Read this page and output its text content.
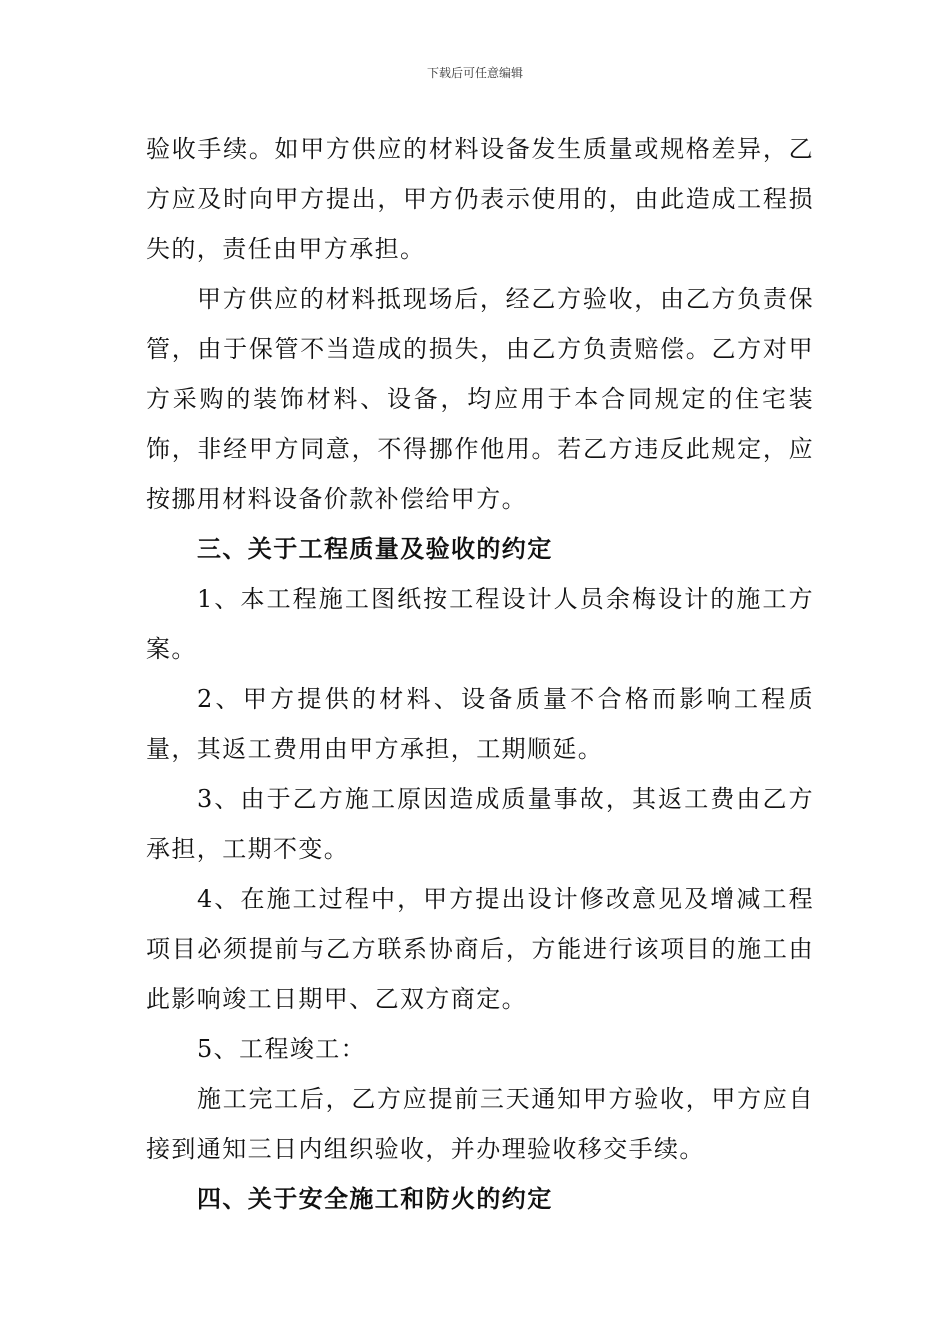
下载后可任意编辑

验收手续。如甲方供应的材料设备发生质量或规格差异，乙方应及时向甲方提出，甲方仍表示使用的，由此造成工程损失的，责任由甲方承担。

甲方供应的材料抵现场后，经乙方验收，由乙方负责保管，由于保管不当造成的损失，由乙方负责赔偿。乙方对甲方采购的装饰材料、设备，均应用于本合同规定的住宅装饰，非经甲方同意，不得挪作他用。若乙方违反此规定，应按挪用材料设备价款补偿给甲方。

三、关于工程质量及验收的约定

1、本工程施工图纸按工程设计人员余梅设计的施工方案。

2、甲方提供的材料、设备质量不合格而影响工程质量，其返工费用由甲方承担，工期顺延。

3、由于乙方施工原因造成质量事故，其返工费由乙方承担，工期不变。

4、在施工过程中，甲方提出设计修改意见及增减工程项目必须提前与乙方联系协商后，方能进行该项目的施工由此影响竣工日期甲、乙双方商定。

5、工程竣工：

施工完工后，乙方应提前三天通知甲方验收，甲方应自接到通知三日内组织验收，并办理验收移交手续。

四、关于安全施工和防火的约定
